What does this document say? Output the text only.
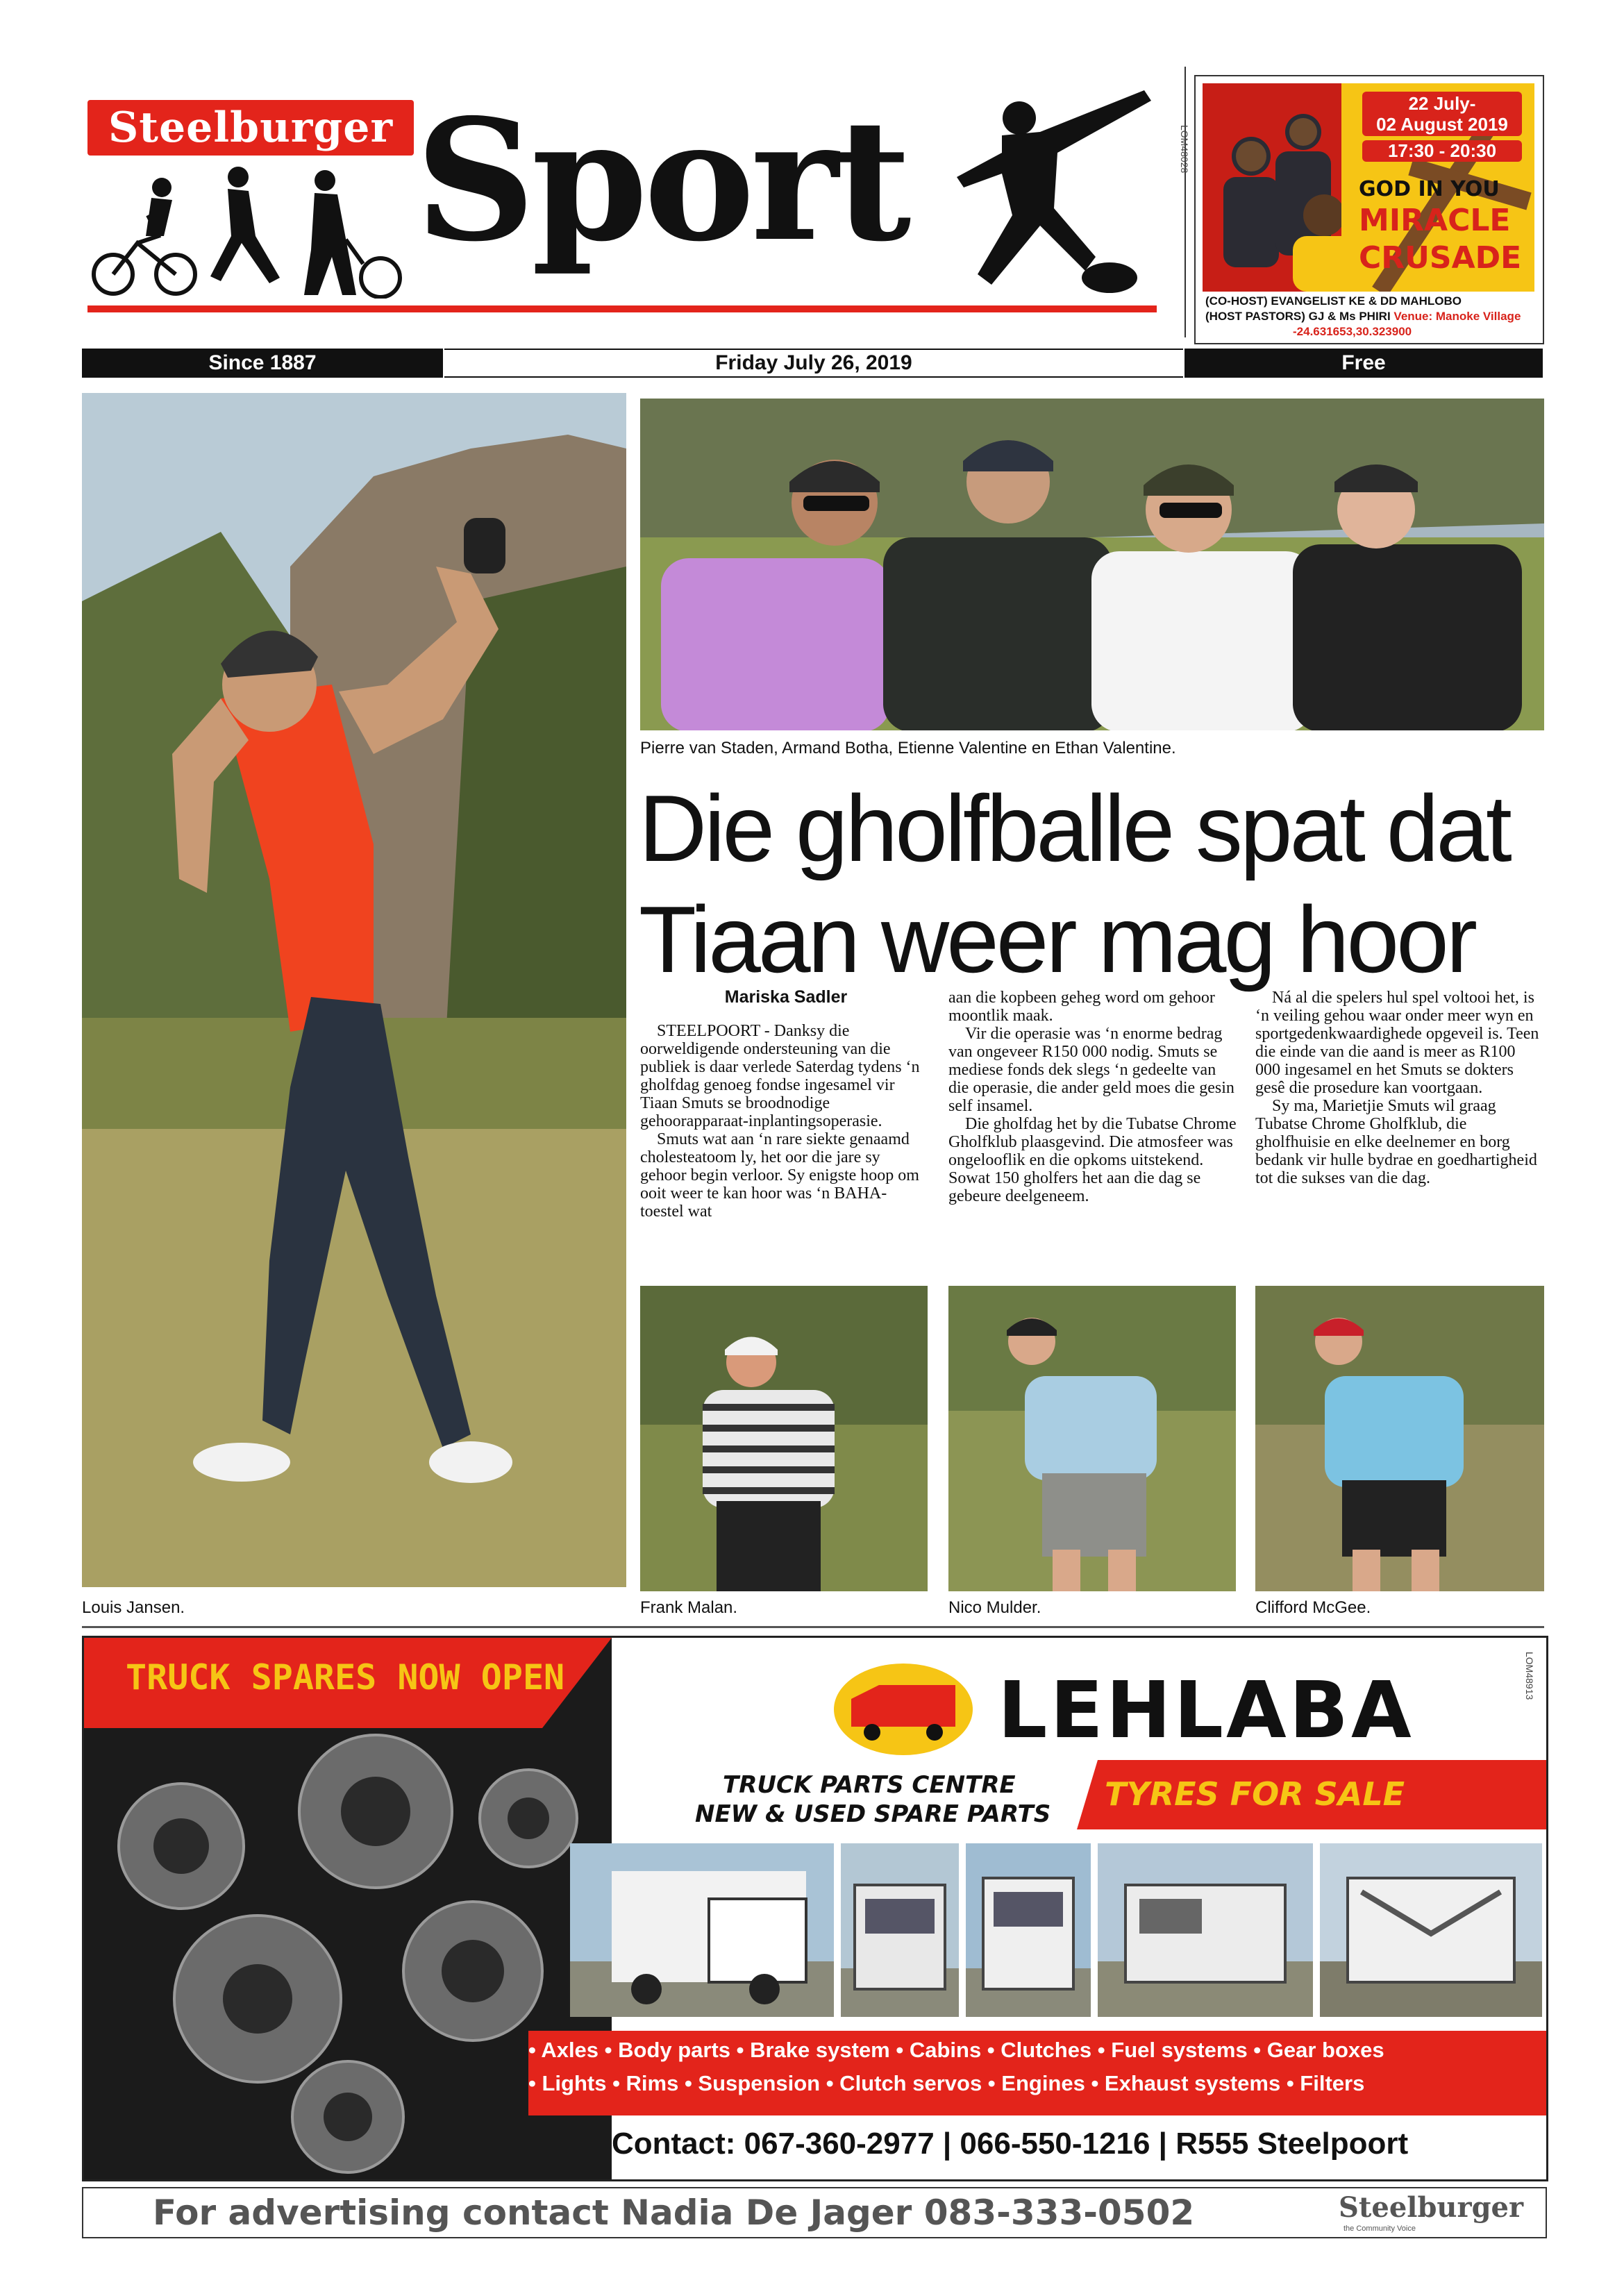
Steelburger Sport	22 July-
02 August 2019
17:30 - 20:30
GOD IN YOU
MIRACLE
CRUSADE
LOM48028
(CO-HOST) EVANGELIST KE & DD MAHLOBO
(HOST PASTORS) GJ & Ms PHIRI Venue: Manoke Village
-24.631653,30.323900
Since 1887	Friday July 26, 2019	Free
Louis Jansen.
Pierre van Staden, Armand Botha, Etienne Valentine en Ethan Valentine.
Die gholfballe spat dat
Tiaan weer mag hoor
Mariska Sadler

STEELPOORT - Danksy die oorweldigende ondersteuning van die publiek is daar verlede Saterdag tydens ‘n gholfdag genoeg fondse ingesamel vir Tiaan Smuts se broodnodige gehoorapparaat-inplantingsoperasie.

Smuts wat aan ‘n rare siekte genaamd cholesteatoom ly, het oor die jare sy gehoor begin verloor. Sy enigste hoop om ooit weer te kan hoor was ‘n BAHA-toestel wat

aan die kopbeen geheg word om gehoor moontlik maak.

Vir die operasie was ‘n enorme bedrag van ongeveer R150 000 nodig. Smuts se mediese fonds dek slegs ‘n gedeelte van die operasie, die ander geld moes die gesin self insamel.

Die gholfdag het by die Tubatse Chrome Gholfklub plaasgevind. Die atmosfeer was ongelooflik en die opkoms uitstekend. Sowat 150 gholfers het aan die dag se gebeure deelgeneem.

Ná al die spelers hul spel voltooi het, is ‘n veiling gehou waar onder meer wyn en sportgedenkwaardighede opgeveil is. Teen die einde van die aand is meer as R100 000 ingesamel en het Smuts se dokters gesê die prosedure kan voortgaan.

Sy ma, Marietjie Smuts wil graag Tubatse Chrome Gholfklub, die gholfhuisie en elke deelnemer en borg bedank vir hulle bydrae en goedhartigheid tot die sukses van die dag.

Frank Malan.	Nico Mulder.	Clifford McGee.
TRUCK SPARES NOW OPEN	LEHLABA
TRUCK PARTS CENTRE
NEW & USED SPARE PARTS
TYRES FOR SALE
• Axles • Body parts • Brake system • Cabins • Clutches • Fuel systems • Gear boxes
• Lights • Rims • Suspension • Clutch servos • Engines • Exhaust systems • Filters
Contact: 067-360-2977 | 066-550-1216 | R555 Steelpoort
LOM48913
For advertising contact Nadia De Jager 083-333-0502	Steelburger
the Community Voice
